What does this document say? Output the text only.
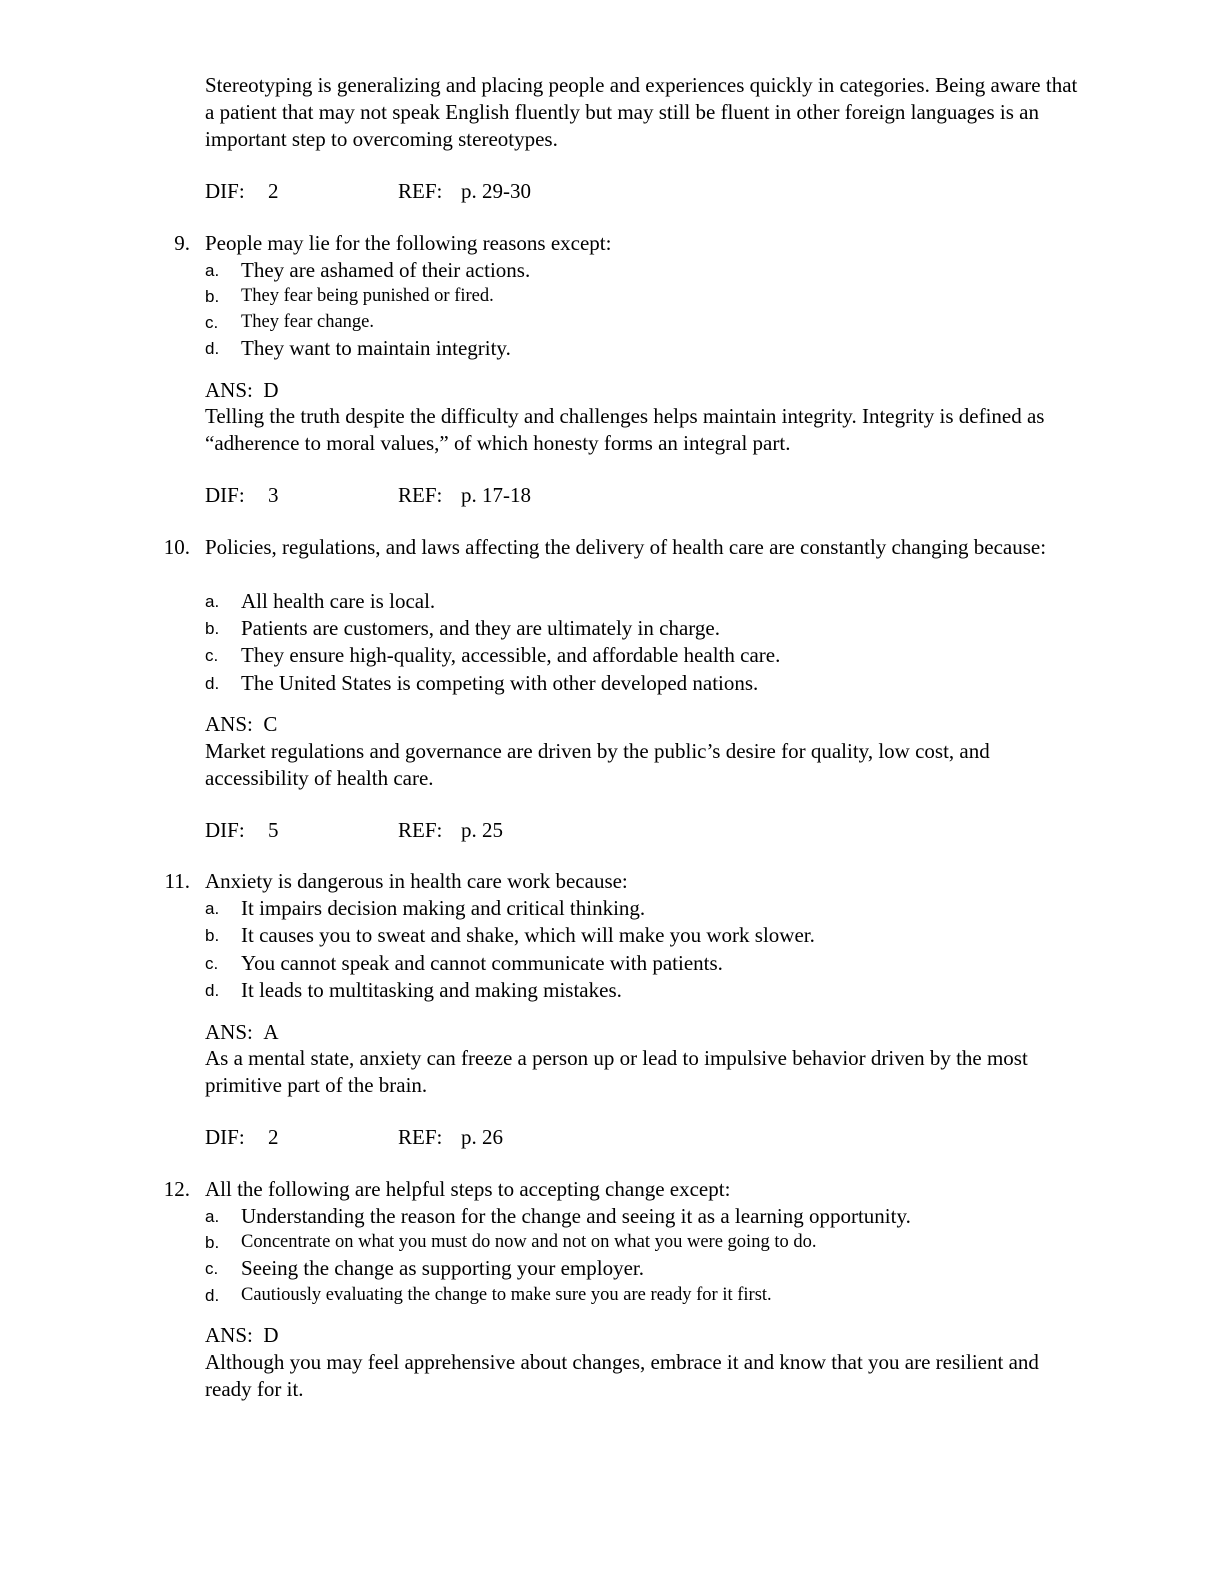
Stereotyping is generalizing and placing people and experiences quickly in categories. Being aware that a patient that may not speak English fluently but may still be fluent in other foreign languages is an important step to overcoming stereotypes.
DIF: 2	REF: p. 29-30
9. People may lie for the following reasons except:
a. They are ashamed of their actions.
b. They fear being punished or fired.
c. They fear change.
d. They want to maintain integrity.
ANS: D
Telling the truth despite the difficulty and challenges helps maintain integrity. Integrity is defined as “adherence to moral values,” of which honesty forms an integral part.
DIF: 3	REF: p. 17-18
10. Policies, regulations, and laws affecting the delivery of health care are constantly changing because:
a. All health care is local.
b. Patients are customers, and they are ultimately in charge.
c. They ensure high-quality, accessible, and affordable health care.
d. The United States is competing with other developed nations.
ANS: C
Market regulations and governance are driven by the public’s desire for quality, low cost, and accessibility of health care.
DIF: 5	REF: p. 25
11. Anxiety is dangerous in health care work because:
a. It impairs decision making and critical thinking.
b. It causes you to sweat and shake, which will make you work slower.
c. You cannot speak and cannot communicate with patients.
d. It leads to multitasking and making mistakes.
ANS: A
As a mental state, anxiety can freeze a person up or lead to impulsive behavior driven by the most primitive part of the brain.
DIF: 2	REF: p. 26
12. All the following are helpful steps to accepting change except:
a. Understanding the reason for the change and seeing it as a learning opportunity.
b. Concentrate on what you must do now and not on what you were going to do.
c. Seeing the change as supporting your employer.
d. Cautiously evaluating the change to make sure you are ready for it first.
ANS: D
Although you may feel apprehensive about changes, embrace it and know that you are resilient and ready for it.
